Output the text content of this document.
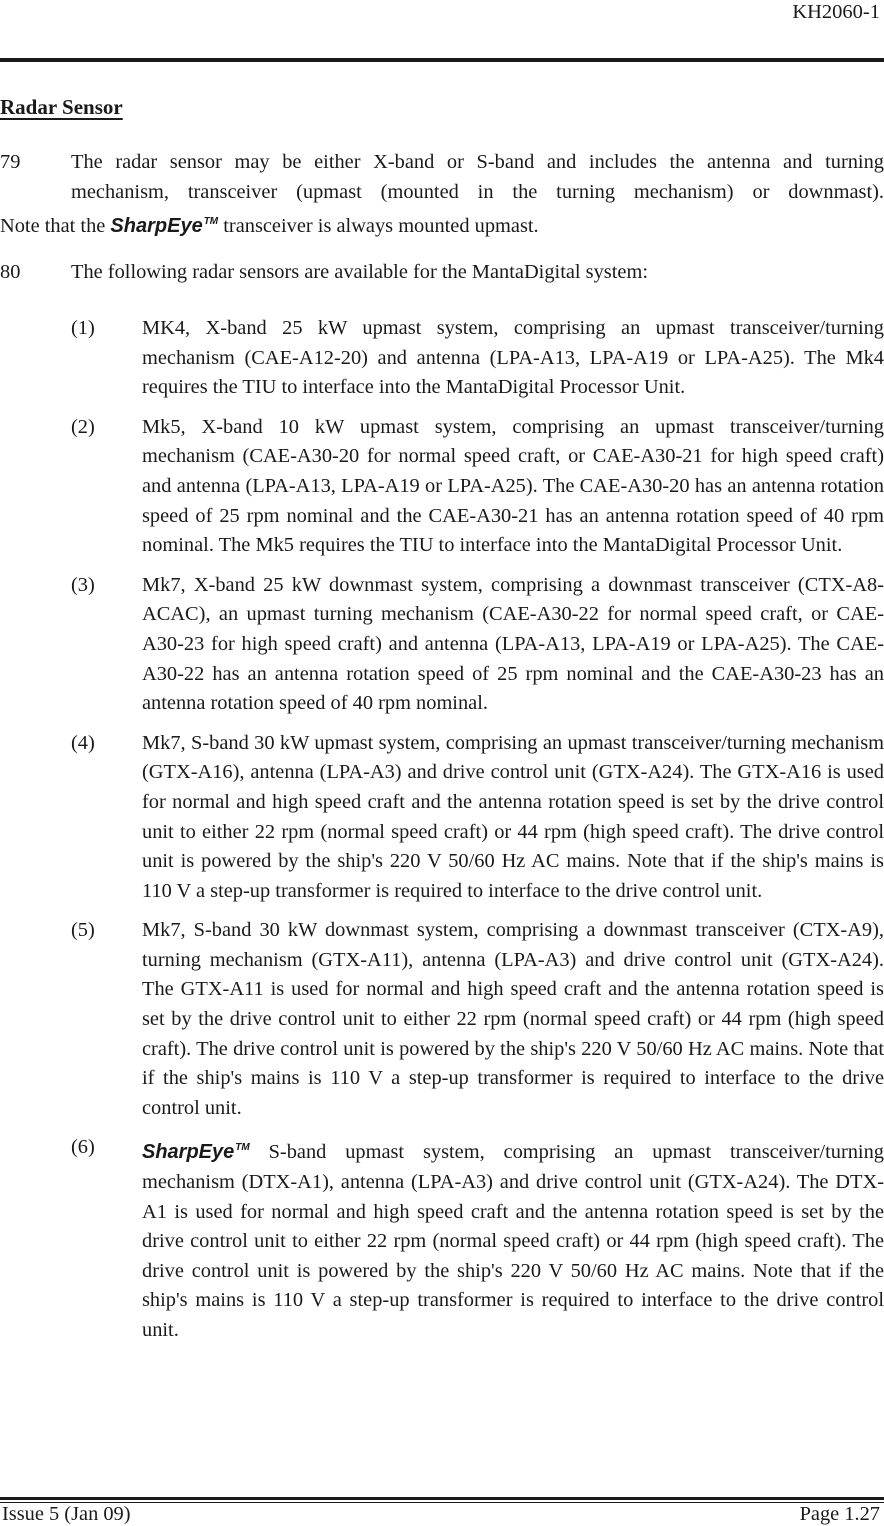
KH2060-1
Radar Sensor
79	The radar sensor may be either X-band or S-band and includes the antenna and turning
mechanism, transceiver (upmast (mounted in the turning mechanism) or downmast).
Note that the SharpEye™ transceiver is always mounted upmast.
80	The following radar sensors are available for the MantaDigital system:
(1) MK4, X-band 25 kW upmast system, comprising an upmast transceiver/turning mechanism (CAE-A12-20) and antenna (LPA-A13, LPA-A19 or LPA-A25). The Mk4 requires the TIU to interface into the MantaDigital Processor Unit.
(2) Mk5, X-band 10 kW upmast system, comprising an upmast transceiver/turning mechanism (CAE-A30-20 for normal speed craft, or CAE-A30-21 for high speed craft) and antenna (LPA-A13, LPA-A19 or LPA-A25). The CAE-A30-20 has an antenna rotation speed of 25 rpm nominal and the CAE-A30-21 has an antenna rotation speed of 40 rpm nominal. The Mk5 requires the TIU to interface into the MantaDigital Processor Unit.
(3) Mk7, X-band 25 kW downmast system, comprising a downmast transceiver (CTX-A8-ACAC), an upmast turning mechanism (CAE-A30-22 for normal speed craft, or CAE-A30-23 for high speed craft) and antenna (LPA-A13, LPA-A19 or LPA-A25). The CAE-A30-22 has an antenna rotation speed of 25 rpm nominal and the CAE-A30-23 has an antenna rotation speed of 40 rpm nominal.
(4) Mk7, S-band 30 kW upmast system, comprising an upmast transceiver/turning mechanism (GTX-A16), antenna (LPA-A3) and drive control unit (GTX-A24). The GTX-A16 is used for normal and high speed craft and the antenna rotation speed is set by the drive control unit to either 22 rpm (normal speed craft) or 44 rpm (high speed craft). The drive control unit is powered by the ship's 220 V 50/60 Hz AC mains. Note that if the ship's mains is 110 V a step-up transformer is required to interface to the drive control unit.
(5) Mk7, S-band 30 kW downmast system, comprising a downmast transceiver (CTX-A9), turning mechanism (GTX-A11), antenna (LPA-A3) and drive control unit (GTX-A24). The GTX-A11 is used for normal and high speed craft and the antenna rotation speed is set by the drive control unit to either 22 rpm (normal speed craft) or 44 rpm (high speed craft). The drive control unit is powered by the ship's 220 V 50/60 Hz AC mains. Note that if the ship's mains is 110 V a step-up transformer is required to interface to the drive control unit.
(6) SharpEye™ S-band upmast system, comprising an upmast transceiver/turning mechanism (DTX-A1), antenna (LPA-A3) and drive control unit (GTX-A24). The DTX-A1 is used for normal and high speed craft and the antenna rotation speed is set by the drive control unit to either 22 rpm (normal speed craft) or 44 rpm (high speed craft). The drive control unit is powered by the ship's 220 V 50/60 Hz AC mains. Note that if the ship's mains is 110 V a step-up transformer is required to interface to the drive control unit.
Issue 5 (Jan 09)	Page 1.27
